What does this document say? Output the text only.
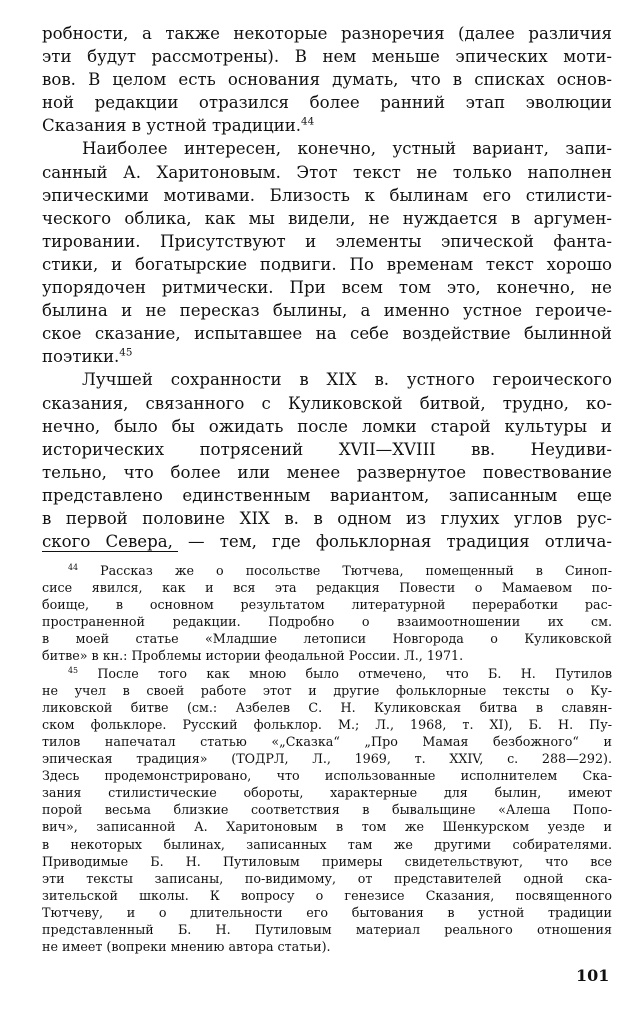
робности, а также некоторые разноречия (далее различия
эти будут рассмотрены). В нем меньше эпических моти-
вов. В целом есть основания думать, что в списках основ-
ной редакции отразился более ранний этап эволюции
Сказания в устной традиции.$^{44}$
Наиболее интересен, конечно, устный вариант, запи-
санный А. Харитоновым. Этот текст не только наполнен
эпическими мотивами. Близость к былинам его стилисти-
ческого облика, как мы видели, не нуждается в аргумен-
тировании. Присутствуют и элементы эпической фанта-
стики, и богатырские подвиги. По временам текст хорошо
упорядочен ритмически. При всем том это, конечно, не
былина и не пересказ былины, а именно устное героиче-
ское сказание, испытавшее на себе воздействие былинной
поэтики.$^{45}$
Лучшей сохранности в XIX в. устного героического
сказания, связанного с Куликовской битвой, трудно, ко-
нечно, было бы ожидать после ломки старой культуры и
исторических потрясений XVII—XVIII вв. Неудиви-
тельно, что более или менее развернутое повествование
представлено единственным вариантом, записанным еще
в первой половине XIX в. в одном из глухих углов рус-
ского Севера, — тем, где фольклорная традиция отлича-
$^{44}$ Рассказ же о посольстве Тютчева, помещенный в Синоп-
сисе явился, как и вся эта редакция Повести о Мамаевом по-
боище, в основном результатом литературной переработки рас-
пространенной редакции. Подробно о взаимоотношении их см.
в моей статье «Младшие летописи Новгорода о Куликовской
битве» в кн.: Проблемы истории феодальной России. Л., 1971.
$^{45}$ После того как мною было отмечено, что Б. Н. Путилов
не учел в своей работе этот и другие фольклорные тексты о Ку-
ликовской битве (см.: Азбелев С. Н. Куликовская битва в славян-
ском фольклоре. Русский фольклор. М.; Л., 1968, т. XI), Б. Н. Пу-
тилов напечатал статью «„Сказка“ „Про Мамая безбожного“ и
эпическая традиция» (ТОДРЛ, Л., 1969, т. XXIV, с. 288—292).
Здесь продемонстрировано, что использованные исполнителем Ска-
зания стилистические обороты, характерные для былин, имеют
порой весьма близкие соответствия в бывальщине «Алеша Попо-
вич», записанной А. Харитоновым в том же Шенкурском уезде и
в некоторых былинах, записанных там же другими собирателями.
Приводимые Б. Н. Путиловым примеры свидетельствуют, что все
эти тексты записаны, по-видимому, от представителей одной ска-
зительской школы. К вопросу о генезисе Сказания, посвященного
Тютчеву, и о длительности его бытования в устной традиции
представленный Б. Н. Путиловым материал реального отношения
не имеет (вопреки мнению автора статьи).
101
